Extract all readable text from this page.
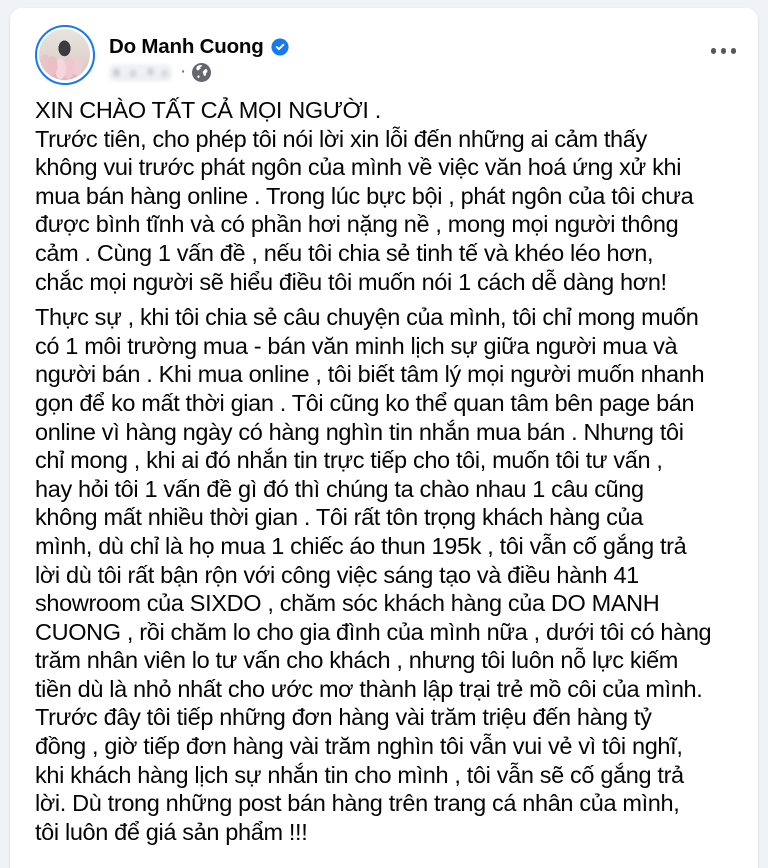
Do Manh Cuong
·
XIN CHÀO TẤT CẢ MỌI NGƯỜI .
Trước tiên, cho phép tôi nói lời xin lỗi đến những ai cảm thấy
không vui trước phát ngôn của mình về việc văn hoá ứng xử khi
mua bán hàng online . Trong lúc bực bội , phát ngôn của tôi chưa
được bình tĩnh và có phần hơi nặng nề , mong mọi người thông
cảm . Cùng 1 vấn đề , nếu tôi chia sẻ tinh tế và khéo léo hơn,
chắc mọi người sẽ hiểu điều tôi muốn nói 1 cách dễ dàng hơn!
Thực sự , khi tôi chia sẻ câu chuyện của mình, tôi chỉ mong muốn
có 1 môi trường mua - bán văn minh lịch sự giữa người mua và
người bán . Khi mua online , tôi biết tâm lý mọi người muốn nhanh
gọn để ko mất thời gian . Tôi cũng ko thể quan tâm bên page bán
online vì hàng ngày có hàng nghìn tin nhắn mua bán . Nhưng tôi
chỉ mong , khi ai đó nhắn tin trực tiếp cho tôi, muốn tôi tư vấn ,
hay hỏi tôi 1 vấn đề gì đó thì chúng ta chào nhau 1 câu cũng
không mất nhiều thời gian . Tôi rất tôn trọng khách hàng của
mình, dù chỉ là họ mua 1 chiếc áo thun 195k , tôi vẫn cố gắng trả
lời dù tôi rất bận rộn với công việc sáng tạo và điều hành 41
showroom của SIXDO , chăm sóc khách hàng của DO MANH
CUONG , rồi chăm lo cho gia đình của mình nữa , dưới tôi có hàng
trăm nhân viên lo tư vấn cho khách , nhưng tôi luôn nỗ lực kiếm
tiền dù là nhỏ nhất cho ước mơ thành lập trại trẻ mồ côi của mình.
Trước đây tôi tiếp những đơn hàng vài trăm triệu đến hàng tỷ
đồng , giờ tiếp đơn hàng vài trăm nghìn tôi vẫn vui vẻ vì tôi nghĩ,
khi khách hàng lịch sự nhắn tin cho mình , tôi vẫn sẽ cố gắng trả
lời. Dù trong những post bán hàng trên trang cá nhân của mình,
tôi luôn để giá sản phẩm !!!
